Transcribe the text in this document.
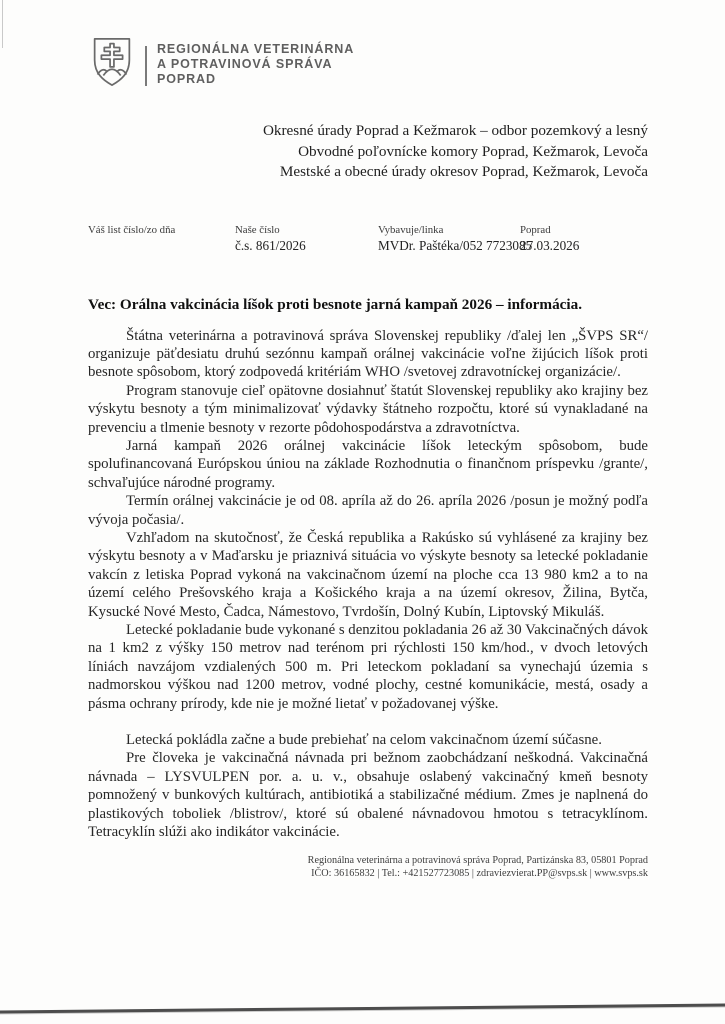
REGIONÁLNA VETERINÁRNA
A POTRAVINOVÁ SPRÁVA
POPRAD
Okresné úrady Poprad a Kežmarok – odbor pozemkový a lesný
Obvodné poľovnícke komory Poprad, Kežmarok, Levoča
Mestské a obecné úrady okresov Poprad, Kežmarok, Levoča
Váš list číslo/zo dňa	Naše číslo
č.s. 861/2026
Vybavuje/linka
MVDr. Paštéka/052 7723085
Poprad
27.03.2026
Vec: Orálna vakcinácia líšok proti besnote jarná kampaň 2026 – informácia.

Štátna veterinárna a potravinová správa Slovenskej republiky /ďalej len „ŠVPS SR“/ organizuje päťdesiatu druhú sezónnu kampaň orálnej vakcinácie voľne žijúcich líšok proti besnote spôsobom, ktorý zodpovedá kritériám WHO /svetovej zdravotníckej organizácie/.

Program stanovuje cieľ opätovne dosiahnuť štatút Slovenskej republiky ako krajiny bez výskytu besnoty a tým minimalizovať výdavky štátneho rozpočtu, ktoré sú vynakladané na prevenciu a tlmenie besnoty v rezorte pôdohospodárstva a zdravotníctva.

Jarná kampaň 2026 orálnej vakcinácie líšok leteckým spôsobom, bude spolufinancovaná Európskou úniou na základe Rozhodnutia o finančnom príspevku /grante/, schvaľujúce národné programy.

Termín orálnej vakcinácie je od 08. apríla až do 26. apríla 2026 /posun je možný podľa vývoja počasia/.

Vzhľadom na skutočnosť, že Česká republika a Rakúsko sú vyhlásené za krajiny bez výskytu besnoty a v Maďarsku je priaznivá situácia vo výskyte besnoty sa letecké pokladanie vakcín z letiska Poprad vykoná na vakcinačnom území na ploche cca 13 980 km2 a to na území celého Prešovského kraja a Košického kraja a na území okresov, Žilina, Bytča, Kysucké Nové Mesto, Čadca, Námestovo, Tvrdošín, Dolný Kubín, Liptovský Mikuláš.

Letecké pokladanie bude vykonané s denzitou pokladania 26 až 30 Vakcinačných dávok na 1 km2 z výšky 150 metrov nad terénom pri rýchlosti 150 km/hod., v dvoch letových líniách navzájom vzdialených 500 m. Pri leteckom pokladaní sa vynechajú územia s nadmorskou výškou nad 1200 metrov, vodné plochy, cestné komunikácie, mestá, osady a pásma ochrany prírody, kde nie je možné lietať v požadovanej výške.

Letecká pokládla začne a bude prebiehať na celom vakcinačnom území súčasne.

Pre človeka je vakcinačná návnada pri bežnom zaobchádzaní neškodná. Vakcinačná návnada – LYSVULPEN por. a. u. v., obsahuje oslabený vakcinačný kmeň besnoty pomnožený v bunkových kultúrach, antibiotiká a stabilizačné médium. Zmes je naplnená do plastikových toboliek /blistrov/, ktoré sú obalené návnadovou hmotou s tetracyklínom. Tetracyklín slúži ako indikátor vakcinácie.

Regionálna veterinárna a potravinová správa Poprad, Partizánska 83, 05801 Poprad
IČO: 36165832 | Tel.: +421527723085 | zdraviezvierat.PP@svps.sk | www.svps.sk
